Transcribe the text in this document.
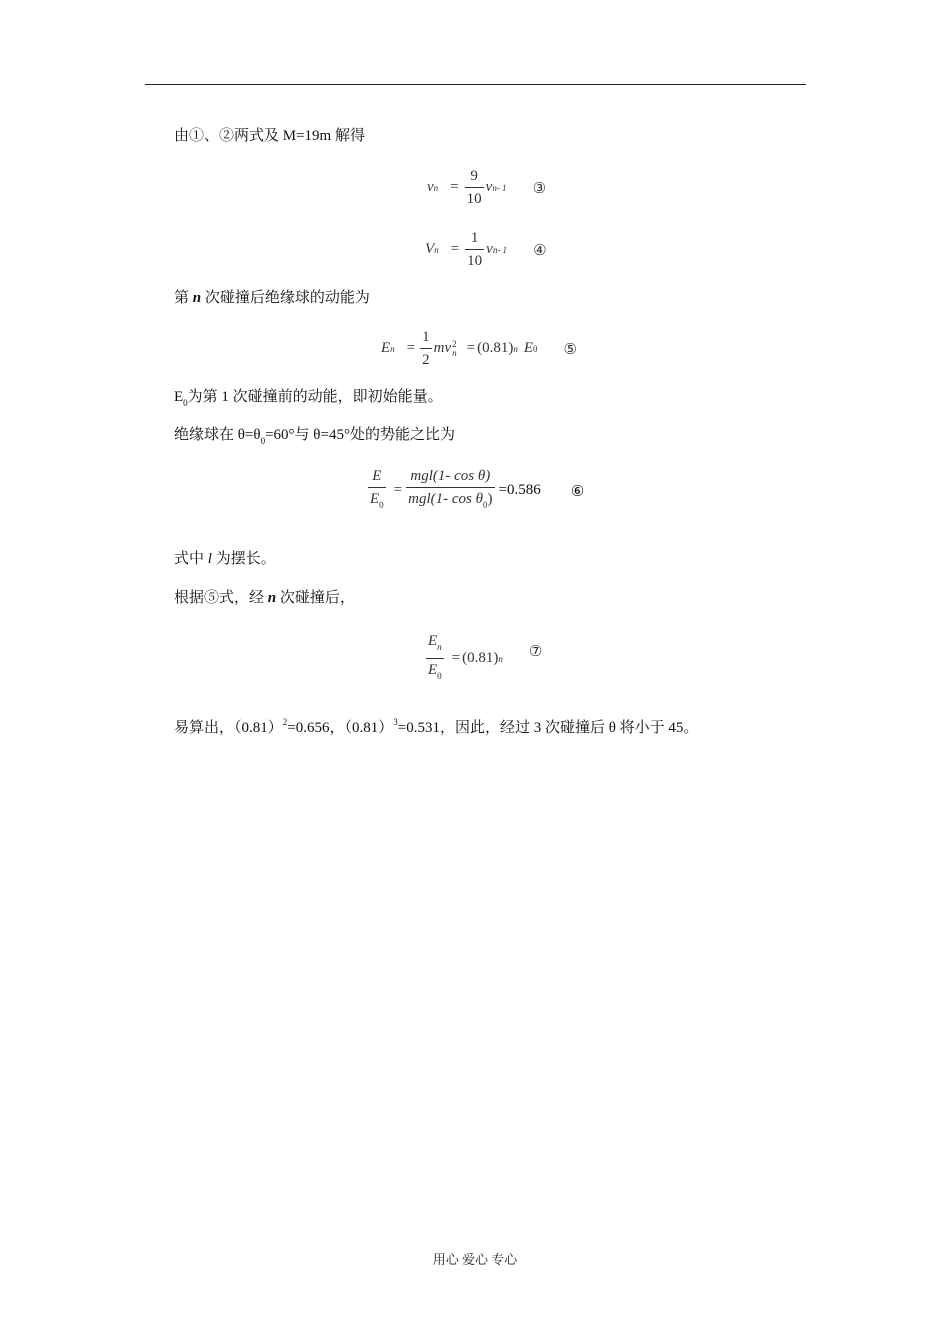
由①、②两式及 M=19m 解得
v $n = \frac{9}{10}$ v n- 1 ③
V $n = \frac{1}{10}$ v n- 1 ④
第 n 次碰撞后绝缘球的动能为
E $n = \frac{1}{2}$ mv 2
n = (0.81) n E 0 ⑤
$E_0$为第 1 次碰撞前的动能，即初始能量。
绝缘球在 $\theta=\theta_0=60^\circ$与 θ=45°处的势能之比为
$\frac{E}{E_0} = \frac{\text{mgl(1- cos θ)}}{mgl(1- \cos \theta_0)} =0.586$ ⑥
式中 l 为摆长。
根据⑤式，经 n 次碰撞后，
$\frac{E_n}{E_0} = (0.81)$ n ⑦
易算出，$(0.81)^2=0.656$，$(0.81)^3=0.531$，因此，经过 3 次碰撞后 θ 将小于 45。
用心 爱心 专心
